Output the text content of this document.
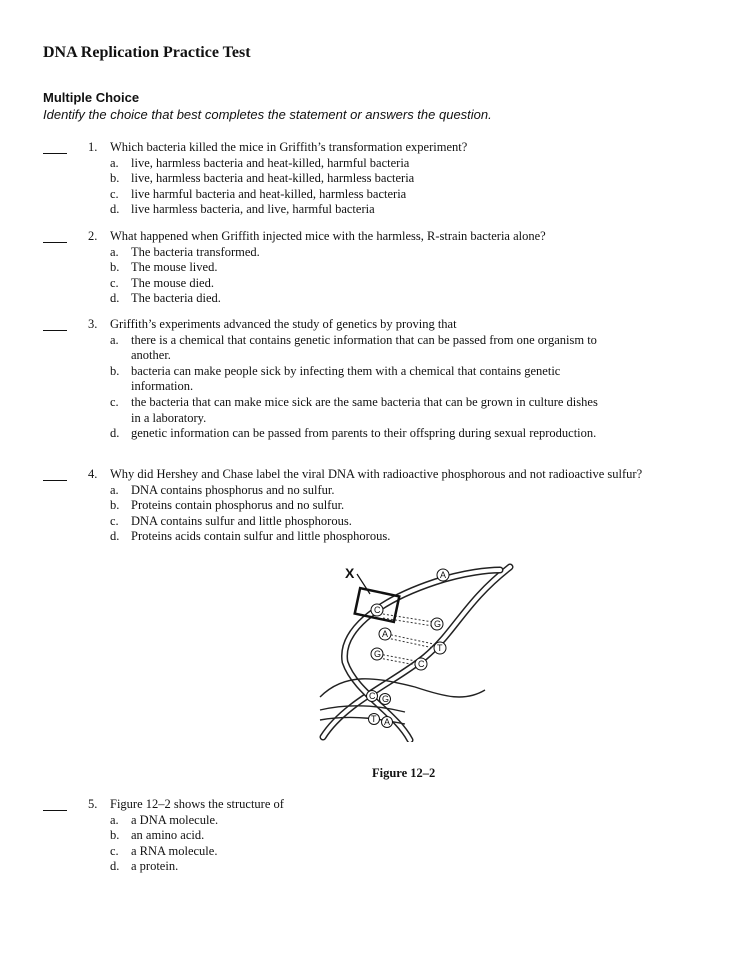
DNA Replication Practice Test
Multiple Choice
Identify the choice that best completes the statement or answers the question.
1. Which bacteria killed the mice in Griffith’s transformation experiment?
a. live, harmless bacteria and heat-killed, harmful bacteria
b. live, harmless bacteria and heat-killed, harmless bacteria
c. live harmful bacteria and heat-killed, harmless bacteria
d. live harmless bacteria, and live, harmful bacteria
2. What happened when Griffith injected mice with the harmless, R-strain bacteria alone?
a. The bacteria transformed.
b. The mouse lived.
c. The mouse died.
d. The bacteria died.
3. Griffith’s experiments advanced the study of genetics by proving that
a. there is a chemical that contains genetic information that can be passed from one organism to another.
b. bacteria can make people sick by infecting them with a chemical that contains genetic information.
c. the bacteria that can make mice sick are the same bacteria that can be grown in culture dishes in a laboratory.
d. genetic information can be passed from parents to their offspring during sexual reproduction.
4. Why did Hershey and Chase label the viral DNA with radioactive phosphorous and not radioactive sulfur?
a. DNA contains phosphorus and no sulfur.
b. Proteins contain phosphorus and no sulfur.
c. DNA contains sulfur and little phosphorous.
d. Proteins acids contain sulfur and little phosphorous.
X	A
C
G
A
T
G
C
C G
T A
Figure 12–2
5. Figure 12–2 shows the structure of
a. a DNA molecule.
b. an amino acid.
c. a RNA molecule.
d. a protein.
